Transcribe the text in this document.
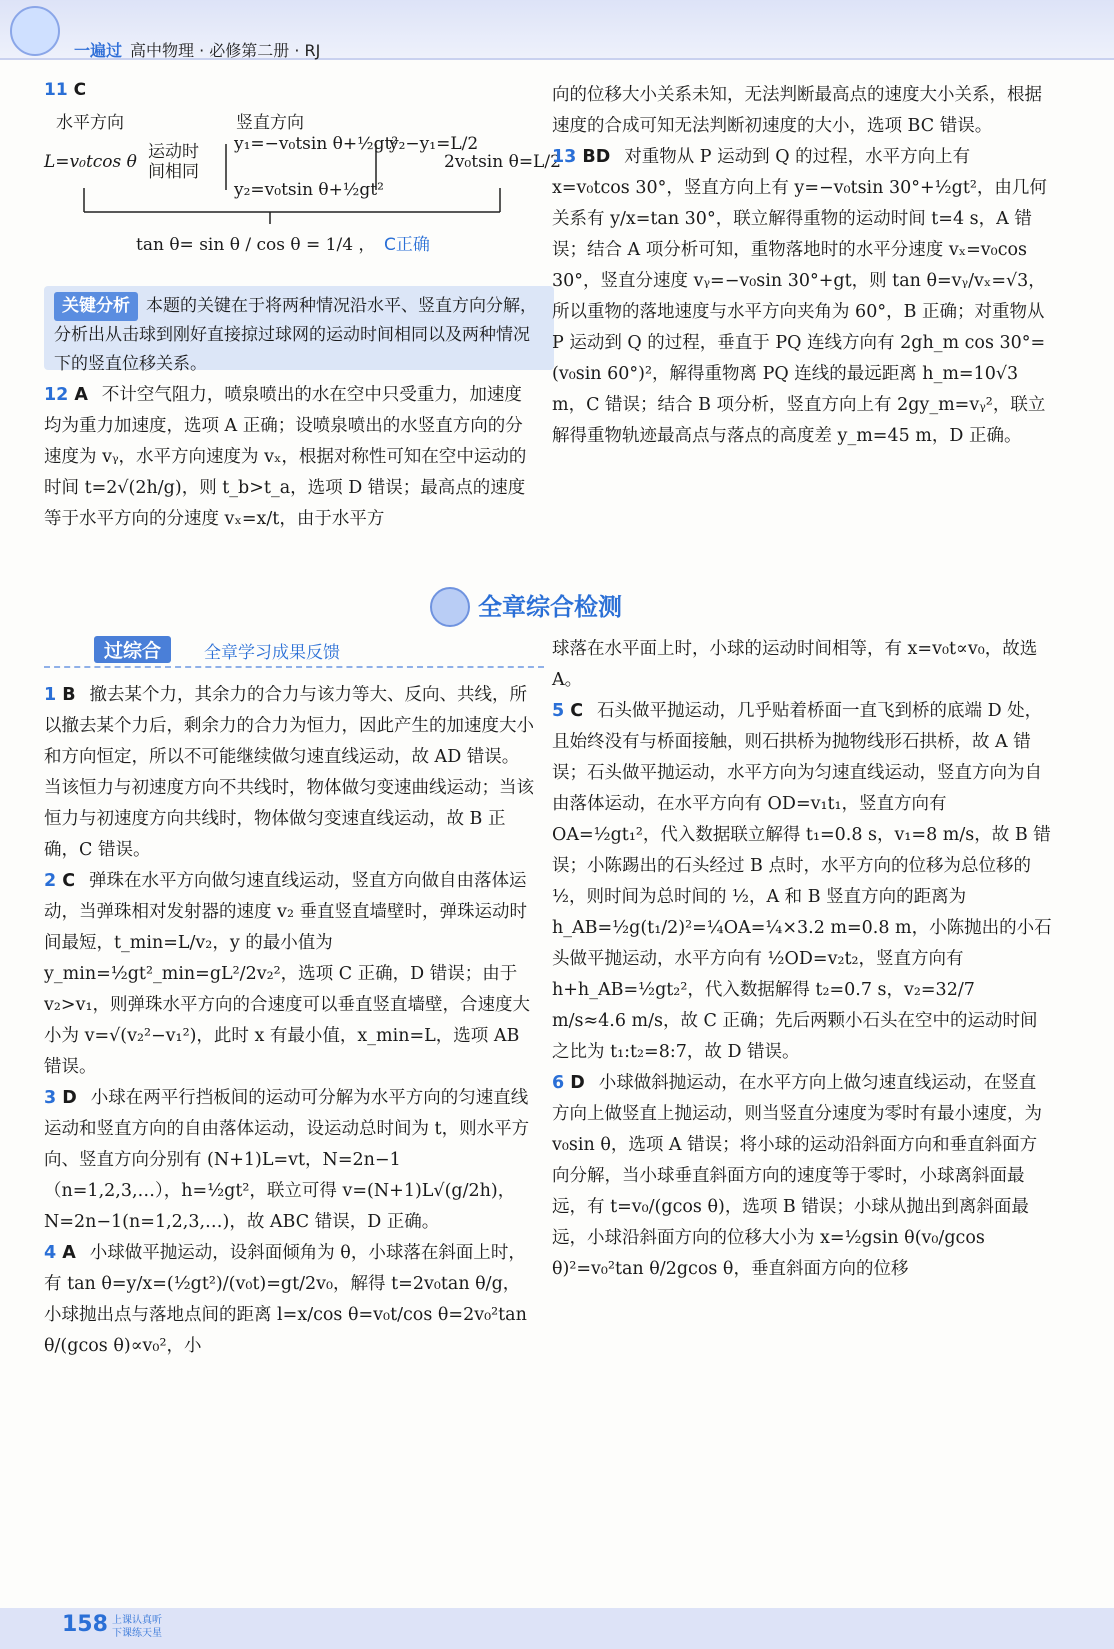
一遍过 高中物理 · 必修第二册 · RJ
11 C
水平方向	竖直方向
L=v₀tcos θ 运动时 间相同
y₁=−v₀tsin θ+½gt²
y₂=v₀tsin θ+½gt²
y₂−y₁=L/2
2v₀tsin θ=L/2
tan θ= sin θ / cos θ = 1/4 ， C正确
关键分析 本题的关键在于将两种情况沿水平、竖直方向分解，分析出从击球到刚好直接掠过球网的运动时间相同以及两种情况下的竖直位移关系。

12 A 不计空气阻力，喷泉喷出的水在空中只受重力，加速度均为重力加速度，选项 A 正确；设喷泉喷出的水竖直方向的分速度为 vᵧ，水平方向速度为 vₓ，根据对称性可知在空中运动的时间 t=2√(2h/g)，则 t_b>t_a，选项 D 错误；最高点的速度等于水平方向的分速度 vₓ=x/t，由于水平方

向的位移大小关系未知，无法判断最高点的速度大小关系，根据速度的合成可知无法判断初速度的大小，选项 BC 错误。

13 BD 对重物从 P 运动到 Q 的过程，水平方向上有 x=v₀tcos 30°，竖直方向上有 y=−v₀tsin 30°+½gt²，由几何关系有 y/x=tan 30°，联立解得重物的运动时间 t=4 s，A 错误；结合 A 项分析可知，重物落地时的水平分速度 vₓ=v₀cos 30°，竖直分速度 vᵧ=−v₀sin 30°+gt，则 tan θ=vᵧ/vₓ=√3，所以重物的落地速度与水平方向夹角为 60°，B 正确；对重物从 P 运动到 Q 的过程，垂直于 PQ 连线方向有 2gh_m cos 30°=(v₀sin 60°)²，解得重物离 PQ 连线的最远距离 h_m=10√3 m，C 错误；结合 B 项分析，竖直方向上有 2gy_m=vᵧ²，联立解得重物轨迹最高点与落点的高度差 y_m=45 m，D 正确。

全章综合检测
过综合	全章学习成果反馈

1 B 撤去某个力，其余力的合力与该力等大、反向、共线，所以撤去某个力后，剩余力的合力为恒力，因此产生的加速度大小和方向恒定，所以不可能继续做匀速直线运动，故 AD 错误。当该恒力与初速度方向不共线时，物体做匀变速曲线运动；当该恒力与初速度方向共线时，物体做匀变速直线运动，故 B 正确，C 错误。

2 C 弹珠在水平方向做匀速直线运动，竖直方向做自由落体运动，当弹珠相对发射器的速度 v₂ 垂直竖直墙壁时，弹珠运动时间最短，t_min=L/v₂，y 的最小值为 y_min=½gt²_min=gL²/2v₂²，选项 C 正确，D 错误；由于 v₂>v₁，则弹珠水平方向的合速度可以垂直竖直墙壁，合速度大小为 v=√(v₂²−v₁²)，此时 x 有最小值，x_min=L，选项 AB 错误。

3 D 小球在两平行挡板间的运动可分解为水平方向的匀速直线运动和竖直方向的自由落体运动，设运动总时间为 t，则水平方向、竖直方向分别有 (N+1)L=vt，N=2n−1（n=1,2,3,…），h=½gt²，联立可得 v=(N+1)L√(g/2h)，N=2n−1(n=1,2,3,…)，故 ABC 错误，D 正确。

4 A 小球做平抛运动，设斜面倾角为 θ，小球落在斜面上时，有 tan θ=y/x=(½gt²)/(v₀t)=gt/2v₀，解得 t=2v₀tan θ/g，小球抛出点与落地点间的距离 l=x/cos θ=v₀t/cos θ=2v₀²tan θ/(gcos θ)∝v₀²，小

球落在水平面上时，小球的运动时间相等，有 x=v₀t∝v₀，故选 A。

5 C 石头做平抛运动，几乎贴着桥面一直飞到桥的底端 D 处，且始终没有与桥面接触，则石拱桥为抛物线形石拱桥，故 A 错误；石头做平抛运动，水平方向为匀速直线运动，竖直方向为自由落体运动，在水平方向有 OD=v₁t₁，竖直方向有 OA=½gt₁²，代入数据联立解得 t₁=0.8 s，v₁=8 m/s，故 B 错误；小陈踢出的石头经过 B 点时，水平方向的位移为总位移的 ½，则时间为总时间的 ½，A 和 B 竖直方向的距离为 h_AB=½g(t₁/2)²=¼OA=¼×3.2 m=0.8 m，小陈抛出的小石头做平抛运动，水平方向有 ½OD=v₂t₂，竖直方向有 h+h_AB=½gt₂²，代入数据解得 t₂=0.7 s，v₂=32/7 m/s≈4.6 m/s，故 C 正确；先后两颗小石头在空中的运动时间之比为 t₁:t₂=8:7，故 D 错误。

6 D 小球做斜抛运动，在水平方向上做匀速直线运动，在竖直方向上做竖直上抛运动，则当竖直分速度为零时有最小速度，为 v₀sin θ，选项 A 错误；将小球的运动沿斜面方向和垂直斜面方向分解，当小球垂直斜面方向的速度等于零时，小球离斜面最远，有 t=v₀/(gcos θ)，选项 B 错误；小球从抛出到离斜面最远，小球沿斜面方向的位移大小为 x=½gsin θ(v₀/gcos θ)²=v₀²tan θ/2gcos θ，垂直斜面方向的位移

158 上课认真听
下课练天星
